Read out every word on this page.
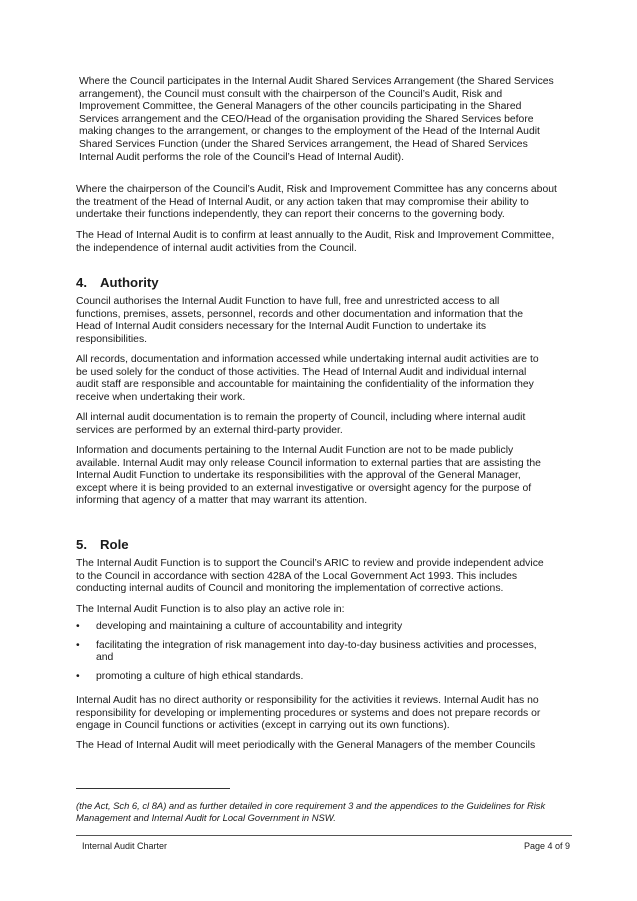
Where the Council participates in the Internal Audit Shared Services Arrangement (the Shared Services
arrangement), the Council must consult with the chairperson of the Council’s Audit, Risk and
Improvement Committee, the General Managers of the other councils participating in the Shared
Services arrangement and the CEO/Head of the organisation providing the Shared Services before
making changes to the arrangement, or changes to the employment of the Head of the Internal Audit
Shared Services Function (under the Shared Services arrangement, the Head of Shared Services
Internal Audit performs the role of the Council’s Head of Internal Audit).

Where the chairperson of the Council’s Audit, Risk and Improvement Committee has any concerns about
the treatment of the Head of Internal Audit, or any action taken that may compromise their ability to
undertake their functions independently, they can report their concerns to the governing body.

The Head of Internal Audit is to confirm at least annually to the Audit, Risk and Improvement Committee,
the independence of internal audit activities from the Council.

4. Authority

Council authorises the Internal Audit Function to have full, free and unrestricted access to all
functions, premises, assets, personnel, records and other documentation and information that the
Head of Internal Audit considers necessary for the Internal Audit Function to undertake its
responsibilities.

All records, documentation and information accessed while undertaking internal audit activities are to
be used solely for the conduct of those activities. The Head of Internal Audit and individual internal
audit staff are responsible and accountable for maintaining the confidentiality of the information they
receive when undertaking their work.

All internal audit documentation is to remain the property of Council, including where internal audit
services are performed by an external third-party provider.

Information and documents pertaining to the Internal Audit Function are not to be made publicly
available. Internal Audit may only release Council information to external parties that are assisting the
Internal Audit Function to undertake its responsibilities with the approval of the General Manager,
except where it is being provided to an external investigative or oversight agency for the purpose of
informing that agency of a matter that may warrant its attention.

5. Role

The Internal Audit Function is to support the Council’s ARIC to review and provide independent advice
to the Council in accordance with section 428A of the Local Government Act 1993. This includes
conducting internal audits of Council and monitoring the implementation of corrective actions.

The Internal Audit Function is to also play an active role in:

• developing and maintaining a culture of accountability and integrity
• facilitating the integration of risk management into day-to-day business activities and processes,
and
• promoting a culture of high ethical standards.

Internal Audit has no direct authority or responsibility for the activities it reviews. Internal Audit has no
responsibility for developing or implementing procedures or systems and does not prepare records or
engage in Council functions or activities (except in carrying out its own functions).

The Head of Internal Audit will meet periodically with the General Managers of the member Councils

(the Act, Sch 6, cl 8A) and as further detailed in core requirement 3 and the appendices to the Guidelines for Risk
Management and Internal Audit for Local Government in NSW.

Internal Audit Charter	Page 4 of 9
